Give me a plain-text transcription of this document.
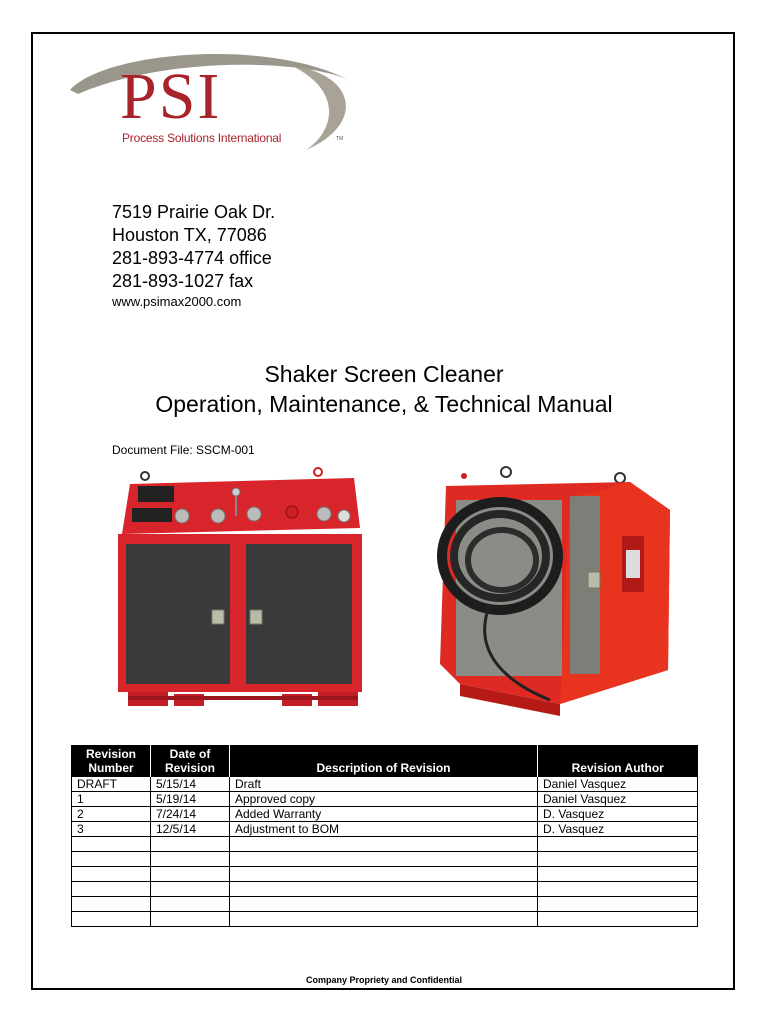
PSI
Process Solutions International	TM
7519 Prairie Oak Dr.
Houston TX, 77086
281-893-4774 office
281-893-1027 fax
www.psimax2000.com
Shaker Screen Cleaner
Operation, Maintenance, & Technical Manual
Document File: SSCM-001
Revision Number	Date of Revision	Description of Revision	Revision Author
DRAFT	5/15/14	Draft	Daniel Vasquez
1	5/19/14	Approved copy	Daniel Vasquez
2	7/24/14	Added Warranty	D. Vasquez
3	12/5/14	Adjustment to BOM	D. Vasquez

Company Propriety and Confidential
